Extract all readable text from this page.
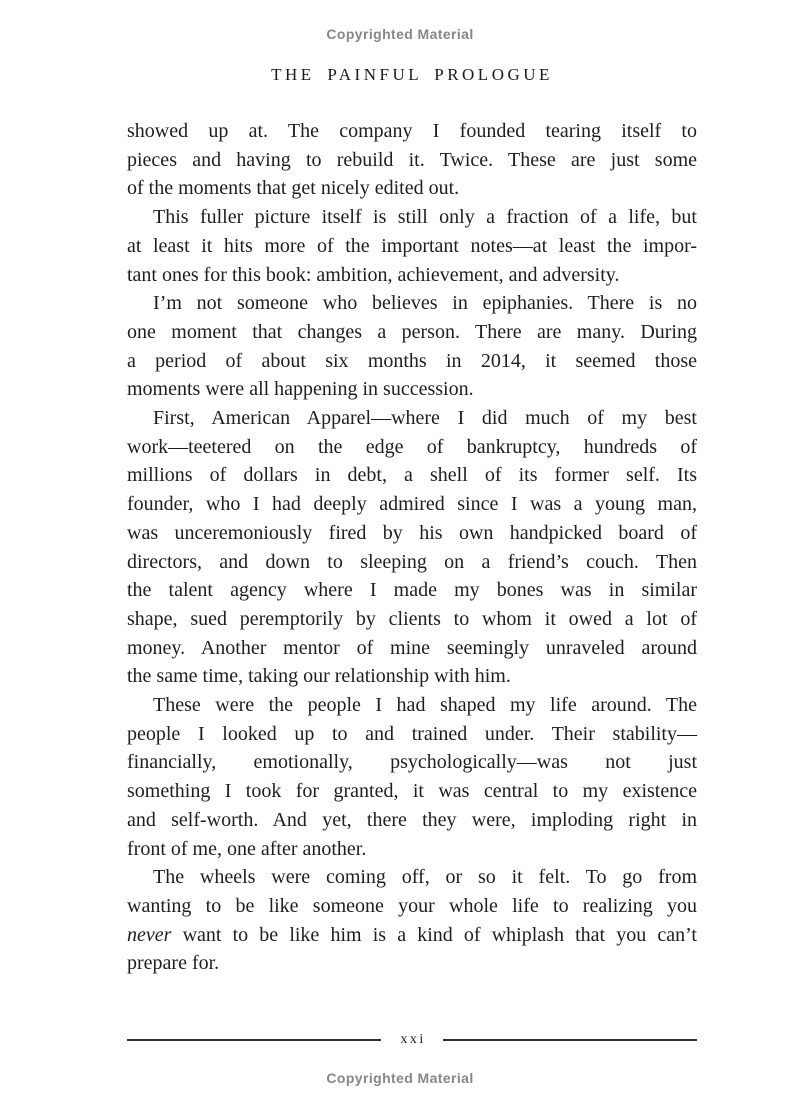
Copyrighted Material
THE PAINFUL PROLOGUE
showed up at. The company I founded tearing itself to
pieces and having to rebuild it. Twice. These are just some
of the moments that get nicely edited out.
This fuller picture itself is still only a fraction of a life, but
at least it hits more of the important notes—at least the impor-
tant ones for this book: ambition, achievement, and adversity.
I’m not someone who believes in epiphanies. There is no
one moment that changes a person. There are many. During
a period of about six months in 2014, it seemed those
moments were all happening in succession.
First, American Apparel—where I did much of my best
work—teetered on the edge of bankruptcy, hundreds of
millions of dollars in debt, a shell of its former self. Its
founder, who I had deeply admired since I was a young man,
was unceremoniously fired by his own handpicked board of
directors, and down to sleeping on a friend’s couch. Then
the talent agency where I made my bones was in similar
shape, sued peremptorily by clients to whom it owed a lot of
money. Another mentor of mine seemingly unraveled around
the same time, taking our relationship with him.
These were the people I had shaped my life around. The
people I looked up to and trained under. Their stability—
financially, emotionally, psychologically—was not just
something I took for granted, it was central to my existence
and self-worth. And yet, there they were, imploding right in
front of me, one after another.
The wheels were coming off, or so it felt. To go from
wanting to be like someone your whole life to realizing you
never want to be like him is a kind of whiplash that you can’t
prepare for.
xxi
Copyrighted Material
